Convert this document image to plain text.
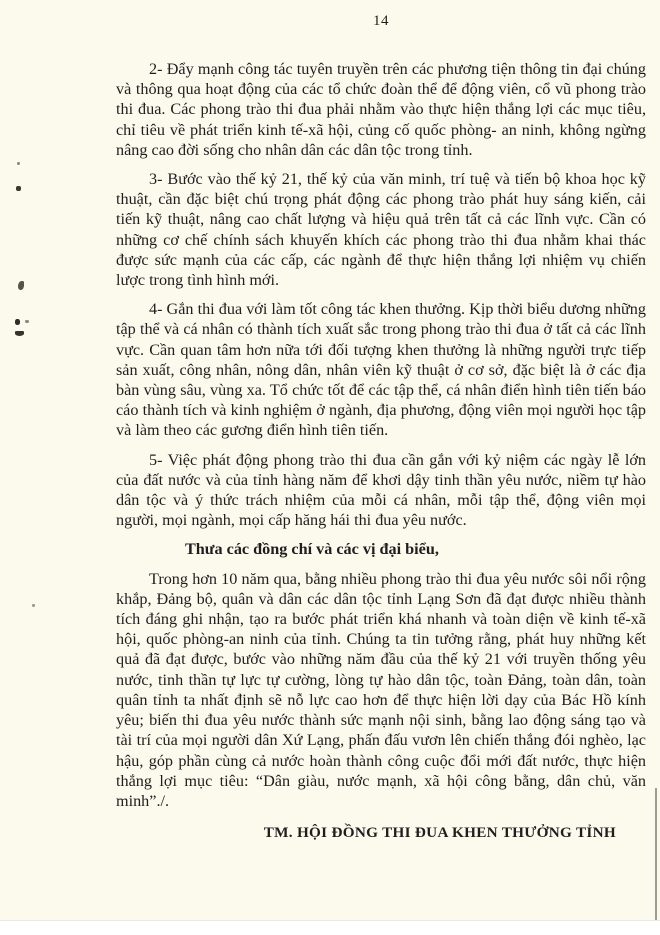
14

2- Đẩy mạnh công tác tuyên truyền trên các phương tiện thông tin đại chúng và thông qua hoạt động của các tổ chức đoàn thể để động viên, cổ vũ phong trào thi đua. Các phong trào thi đua phải nhằm vào thực hiện thắng lợi các mục tiêu, chỉ tiêu về phát triển kinh tế-xã hội, củng cố quốc phòng- an ninh, không ngừng nâng cao đời sống cho nhân dân các dân tộc trong tỉnh.

3- Bước vào thế kỷ 21, thế kỷ của văn minh, trí tuệ và tiến bộ khoa học kỹ thuật, cần đặc biệt chú trọng phát động các phong trào phát huy sáng kiến, cải tiến kỹ thuật, nâng cao chất lượng và hiệu quả trên tất cả các lĩnh vực. Cần có những cơ chế chính sách khuyến khích các phong trào thi đua nhằm khai thác được sức mạnh của các cấp, các ngành để thực hiện thắng lợi nhiệm vụ chiến lược trong tình hình mới.

4- Gắn thi đua với làm tốt công tác khen thưởng. Kịp thời biểu dương những tập thể và cá nhân có thành tích xuất sắc trong phong trào thi đua ở tất cả các lĩnh vực. Cần quan tâm hơn nữa tới đối tượng khen thưởng là những người trực tiếp sản xuất, công nhân, nông dân, nhân viên kỹ thuật ở cơ sở, đặc biệt là ở các địa bàn vùng sâu, vùng xa. Tổ chức tốt để các tập thể, cá nhân điển hình tiên tiến báo cáo thành tích và kinh nghiệm ở ngành, địa phương, động viên mọi người học tập và làm theo các gương điển hình tiên tiến.

5- Việc phát động phong trào thi đua cần gắn với kỷ niệm các ngày lễ lớn của đất nước và của tỉnh hàng năm để khơi dậy tinh thần yêu nước, niềm tự hào dân tộc và ý thức trách nhiệm của mỗi cá nhân, mỗi tập thể, động viên mọi người, mọi ngành, mọi cấp hăng hái thi đua yêu nước.

Thưa các đồng chí và các vị đại biểu,

Trong hơn 10 năm qua, bằng nhiều phong trào thi đua yêu nước sôi nổi rộng khắp, Đảng bộ, quân và dân các dân tộc tỉnh Lạng Sơn đã đạt được nhiều thành tích đáng ghi nhận, tạo ra bước phát triển khá nhanh và toàn diện về kinh tế-xã hội, quốc phòng-an ninh của tỉnh. Chúng ta tin tưởng rằng, phát huy những kết quả đã đạt được, bước vào những năm đầu của thế kỷ 21 với truyền thống yêu nước, tinh thần tự lực tự cường, lòng tự hào dân tộc, toàn Đảng, toàn dân, toàn quân tỉnh ta nhất định sẽ nỗ lực cao hơn để thực hiện lời dạy của Bác Hồ kính yêu; biến thi đua yêu nước thành sức mạnh nội sinh, bằng lao động sáng tạo và tài trí của mọi người dân Xứ Lạng, phấn đấu vươn lên chiến thắng đói nghèo, lạc hậu, góp phần cùng cả nước hoàn thành công cuộc đổi mới đất nước, thực hiện thắng lợi mục tiêu: “Dân giàu, nước mạnh, xã hội công bằng, dân chủ, văn minh”./.

TM. HỘI ĐỒNG THI ĐUA KHEN THƯỞNG TỈNH
